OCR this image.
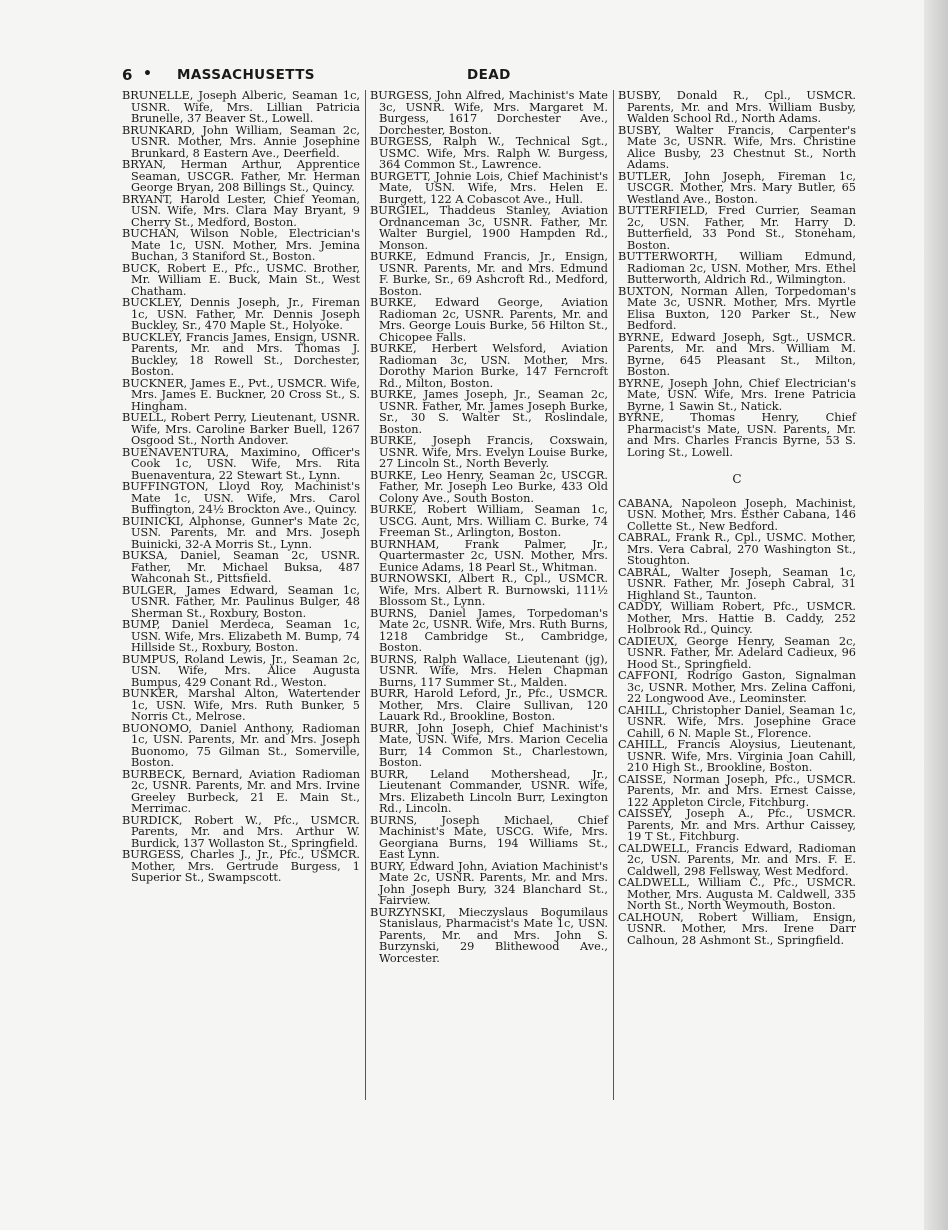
6 • MASSACHUSETTS	DEAD
BRUNELLE, Joseph Alberic, Seaman 1c, USNR. Wife, Mrs. Lillian Patricia Brunelle, 37 Beaver St., Lowell.
BRUNKARD, John William, Seaman 2c, USNR. Mother, Mrs. Annie Josephine Brunkard, 8 Eastern Ave., Deerfield.
BRYAN, Herman Arthur, Apprentice Seaman, USCGR. Father, Mr. Herman George Bryan, 208 Billings St., Quincy.
BRYANT, Harold Lester, Chief Yeoman, USN. Wife, Mrs. Clara May Bryant, 9 Cherry St., Medford, Boston.
BUCHAN, Wilson Noble, Electrician's Mate 1c, USN. Mother, Mrs. Jemina Buchan, 3 Staniford St., Boston.
BUCK, Robert E., Pfc., USMC. Brother, Mr. William E. Buck, Main St., West Chatham.
BUCKLEY, Dennis Joseph, Jr., Fireman 1c, USN. Father, Mr. Dennis Joseph Buckley, Sr., 470 Maple St., Holyoke.
BUCKLEY, Francis James, Ensign, USNR. Parents, Mr. and Mrs. Thomas J. Buckley, 18 Rowell St., Dorchester, Boston.
BUCKNER, James E., Pvt., USMCR. Wife, Mrs. James E. Buckner, 20 Cross St., S. Hingham.
BUELL, Robert Perry, Lieutenant, USNR. Wife, Mrs. Caroline Barker Buell, 1267 Osgood St., North Andover.
BUENAVENTURA, Maximino, Officer's Cook 1c, USN. Wife, Mrs. Rita Buenaventura, 22 Stewart St., Lynn.
BUFFINGTON, Lloyd Roy, Machinist's Mate 1c, USN. Wife, Mrs. Carol Buffington, 24½ Brockton Ave., Quincy.
BUINICKI, Alphonse, Gunner's Mate 2c, USN. Parents, Mr. and Mrs. Joseph Buinicki, 32-A Morris St., Lynn.
BUKSA, Daniel, Seaman 2c, USNR. Father, Mr. Michael Buksa, 487 Wahconah St., Pittsfield.
BULGER, James Edward, Seaman 1c, USNR. Father, Mr. Paulinus Bulger, 48 Sherman St., Roxbury, Boston.
BUMP, Daniel Merdeca, Seaman 1c, USN. Wife, Mrs. Elizabeth M. Bump, 74 Hillside St., Roxbury, Boston.
BUMPUS, Roland Lewis, Jr., Seaman 2c, USN. Wife, Mrs. Alice Augusta Bumpus, 429 Conant Rd., Weston.
BUNKER, Marshal Alton, Watertender 1c, USN. Wife, Mrs. Ruth Bunker, 5 Norris Ct., Melrose.
BUONOMO, Daniel Anthony, Radioman 1c, USN. Parents, Mr. and Mrs. Joseph Buonomo, 75 Gilman St., Somerville, Boston.
BURBECK, Bernard, Aviation Radioman 2c, USNR. Parents, Mr. and Mrs. Irvine Greeley Burbeck, 21 E. Main St., Merrimac.
BURDICK, Robert W., Pfc., USMCR. Parents, Mr. and Mrs. Arthur W. Burdick, 137 Wollaston St., Springfield.
BURGESS, Charles J., Jr., Pfc., USMCR. Mother, Mrs. Gertrude Burgess, 1 Superior St., Swampscott.
BURGESS, John Alfred, Machinist's Mate 3c, USNR. Wife, Mrs. Margaret M. Burgess, 1617 Dorchester Ave., Dorchester, Boston.
BURGESS, Ralph W., Technical Sgt., USMC. Wife, Mrs. Ralph W. Burgess, 364 Common St., Lawrence.
BURGETT, Johnie Lois, Chief Machinist's Mate, USN. Wife, Mrs. Helen E. Burgett, 122 A Cobascot Ave., Hull.
BURGIEL, Thaddeus Stanley, Aviation Ordnanceman 3c, USNR. Father, Mr. Walter Burgiel, 1900 Hampden Rd., Monson.
BURKE, Edmund Francis, Jr., Ensign, USNR. Parents, Mr. and Mrs. Edmund F. Burke, Sr., 69 Ashcroft Rd., Medford, Boston.
BURKE, Edward George, Aviation Radioman 2c, USNR. Parents, Mr. and Mrs. George Louis Burke, 56 Hilton St., Chicopee Falls.
BURKE, Herbert Welsford, Aviation Radioman 3c, USN. Mother, Mrs. Dorothy Marion Burke, 147 Ferncroft Rd., Milton, Boston.
BURKE, James Joseph, Jr., Seaman 2c, USNR. Father, Mr. James Joseph Burke, Sr., 30 S. Walter St., Roslindale, Boston.
BURKE, Joseph Francis, Coxswain, USNR. Wife, Mrs. Evelyn Louise Burke, 27 Lincoln St., North Beverly.
BURKE, Leo Henry, Seaman 2c, USCGR. Father, Mr. Joseph Leo Burke, 433 Old Colony Ave., South Boston.
BURKE, Robert William, Seaman 1c, USCG. Aunt, Mrs. William C. Burke, 74 Freeman St., Arlington, Boston.
BURNHAM, Frank Palmer, Jr., Quartermaster 2c, USN. Mother, Mrs. Eunice Adams, 18 Pearl St., Whitman.
BURNOWSKI, Albert R., Cpl., USMCR. Wife, Mrs. Albert R. Burnowski, 111½ Blossom St., Lynn.
BURNS, Daniel James, Torpedoman's Mate 2c, USNR. Wife, Mrs. Ruth Burns, 1218 Cambridge St., Cambridge, Boston.
BURNS, Ralph Wallace, Lieutenant (jg), USNR. Wife, Mrs. Helen Chapman Burns, 117 Summer St., Malden.
BURR, Harold Leford, Jr., Pfc., USMCR. Mother, Mrs. Claire Sullivan, 120 Lauark Rd., Brookline, Boston.
BURR, John Joseph, Chief Machinist's Mate, USN. Wife, Mrs. Marion Cecelia Burr, 14 Common St., Charlestown, Boston.
BURR, Leland Mothershead, Jr., Lieutenant Commander, USNR. Wife, Mrs. Elizabeth Lincoln Burr, Lexington Rd., Lincoln.
BURNS, Joseph Michael, Chief Machinist's Mate, USCG. Wife, Mrs. Georgiana Burns, 194 Williams St., East Lynn.
BURY, Edward John, Aviation Machinist's Mate 2c, USNR. Parents, Mr. and Mrs. John Joseph Bury, 324 Blanchard St., Fairview.
BURZYNSKI, Mieczyslaus Bogumilaus Stanislaus, Pharmacist's Mate 1c, USN. Parents, Mr. and Mrs. John S. Burzynski, 29 Blithewood Ave., Worcester.
BUSBY, Donald R., Cpl., USMCR. Parents, Mr. and Mrs. William Busby, Walden School Rd., North Adams.
BUSBY, Walter Francis, Carpenter's Mate 3c, USNR. Wife, Mrs. Christine Alice Busby, 23 Chestnut St., North Adams.
BUTLER, John Joseph, Fireman 1c, USCGR. Mother, Mrs. Mary Butler, 65 Westland Ave., Boston.
BUTTERFIELD, Fred Currier, Seaman 2c, USN. Father, Mr. Harry D. Butterfield, 33 Pond St., Stoneham, Boston.
BUTTERWORTH, William Edmund, Radioman 2c, USN. Mother, Mrs. Ethel Butterworth, Aldrich Rd., Wilmington.
BUXTON, Norman Allen, Torpedoman's Mate 3c, USNR. Mother, Mrs. Myrtle Elisa Buxton, 120 Parker St., New Bedford.
BYRNE, Edward Joseph, Sgt., USMCR. Parents, Mr. and Mrs. William M. Byrne, 645 Pleasant St., Milton, Boston.
BYRNE, Joseph John, Chief Electrician's Mate, USN. Wife, Mrs. Irene Patricia Byrne, 1 Sawin St., Natick.
BYRNE, Thomas Henry, Chief Pharmacist's Mate, USN. Parents, Mr. and Mrs. Charles Francis Byrne, 53 S. Loring St., Lowell.
C
CABANA, Napoleon Joseph, Machinist, USN. Mother, Mrs. Esther Cabana, 146 Collette St., New Bedford.
CABRAL, Frank R., Cpl., USMC. Mother, Mrs. Vera Cabral, 270 Washington St., Stoughton.
CABRAL, Walter Joseph, Seaman 1c, USNR. Father, Mr. Joseph Cabral, 31 Highland St., Taunton.
CADDY, William Robert, Pfc., USMCR. Mother, Mrs. Hattie B. Caddy, 252 Holbrook Rd., Quincy.
CADIEUX, George Henry, Seaman 2c, USNR. Father, Mr. Adelard Cadieux, 96 Hood St., Springfield.
CAFFONI, Rodrigo Gaston, Signalman 3c, USNR. Mother, Mrs. Zelina Caffoni, 22 Longwood Ave., Leominster.
CAHILL, Christopher Daniel, Seaman 1c, USNR. Wife, Mrs. Josephine Grace Cahill, 6 N. Maple St., Florence.
CAHILL, Francis Aloysius, Lieutenant, USNR. Wife, Mrs. Virginia Joan Cahill, 210 High St., Brookline, Boston.
CAISSE, Norman Joseph, Pfc., USMCR. Parents, Mr. and Mrs. Ernest Caisse, 122 Appleton Circle, Fitchburg.
CAISSEY, Joseph A., Pfc., USMCR. Parents, Mr. and Mrs. Arthur Caissey, 19 T St., Fitchburg.
CALDWELL, Francis Edward, Radioman 2c, USN. Parents, Mr. and Mrs. F. E. Caldwell, 298 Fellsway, West Medford.
CALDWELL, William C., Pfc., USMCR. Mother, Mrs. Augusta M. Caldwell, 335 North St., North Weymouth, Boston.
CALHOUN, Robert William, Ensign, USNR. Mother, Mrs. Irene Darr Calhoun, 28 Ashmont St., Springfield.
